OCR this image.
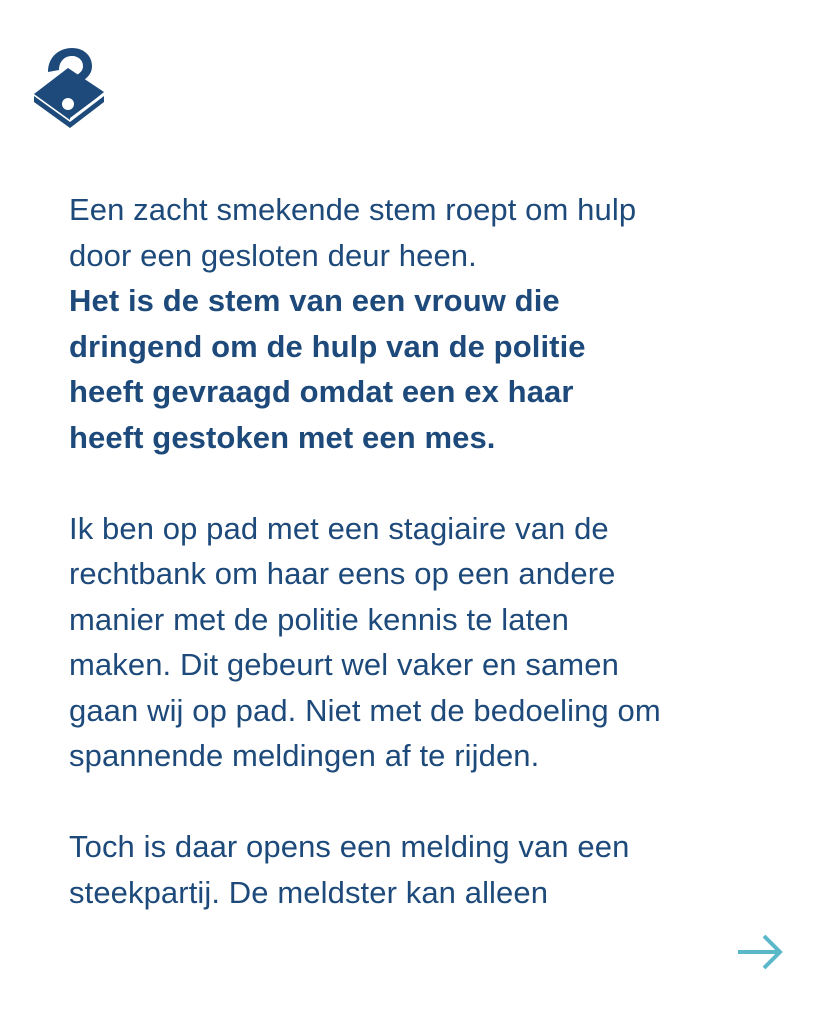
Een zacht smekende stem roept om hulp
door een gesloten deur heen.

Het is de stem van een vrouw die
dringend om de hulp van de politie
heeft gevraagd omdat een ex haar
heeft gestoken met een mes.

Ik ben op pad met een stagiaire van de
rechtbank om haar eens op een andere
manier met de politie kennis te laten
maken. Dit gebeurt wel vaker en samen
gaan wij op pad. Niet met de bedoeling om
spannende meldingen af te rijden.

Toch is daar opens een melding van een
steekpartij. De meldster kan alleen
